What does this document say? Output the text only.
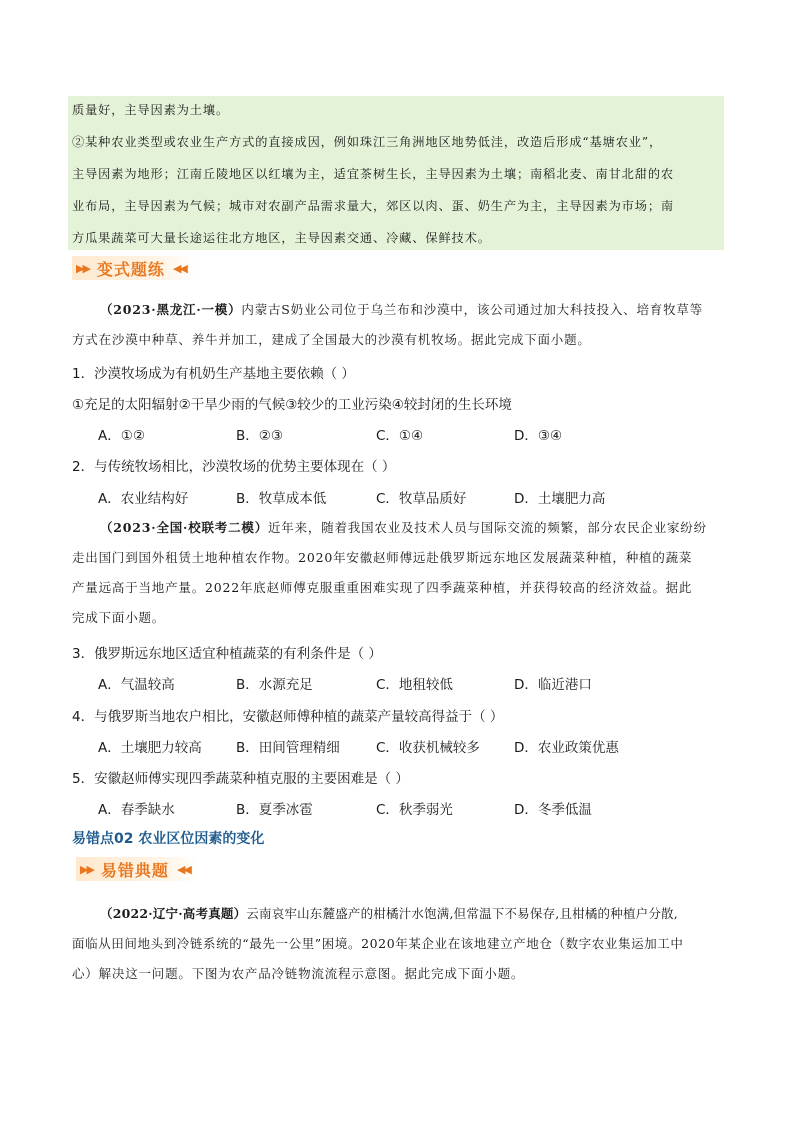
质量好，主导因素为土壤。

②某种农业类型或农业生产方式的直接成因，例如珠江三角洲地区地势低洼，改造后形成“基塘农业”，

主导因素为地形；江南丘陵地区以红壤为主，适宜茶树生长，主导因素为土壤；南稻北麦、南甘北甜的农

业布局，主导因素为气候；城市对农副产品需求量大，郊区以肉、蛋、奶生产为主，主导因素为市场；南

方瓜果蔬菜可大量长途运往北方地区，主导因素交通、冷藏、保鲜技术。

▶▶ 变式题练 ◀◀

（2023·黑龙江·一模）内蒙古S奶业公司位于乌兰布和沙漠中，该公司通过加大科技投入、培育牧草等

方式在沙漠中种草、养牛并加工，建成了全国最大的沙漠有机牧场。据此完成下面小题。

1．沙漠牧场成为有机奶生产基地主要依赖（ ）

①充足的太阳辐射②干旱少雨的气候③较少的工业污染④较封闭的生长环境

A．①②	B．②③	C．①④	D．③④

2．与传统牧场相比，沙漠牧场的优势主要体现在（ ）

A．农业结构好	B．牧草成本低	C．牧草品质好	D．土壤肥力高

（2023·全国·校联考二模）近年来，随着我国农业及技术人员与国际交流的频繁，部分农民企业家纷纷

走出国门到国外租赁土地种植农作物。2020年安徽赵师傅远赴俄罗斯远东地区发展蔬菜种植，种植的蔬菜

产量远高于当地产量。2022年底赵师傅克服重重困难实现了四季蔬菜种植，并获得较高的经济效益。据此

完成下面小题。

3．俄罗斯远东地区适宜种植蔬菜的有利条件是（ ）

A．气温较高	B．水源充足	C．地租较低	D．临近港口

4．与俄罗斯当地农户相比，安徽赵师傅种植的蔬菜产量较高得益于（ ）

A．土壤肥力较高	B．田间管理精细	C．收获机械较多	D．农业政策优惠

5．安徽赵师傅实现四季蔬菜种植克服的主要困难是（ ）

A．春季缺水	B．夏季冰雹	C．秋季弱光	D．冬季低温

易错点02 农业区位因素的变化

▶▶ 易错典题 ◀◀

（2022·辽宁·高考真题）云南哀牢山东麓盛产的柑橘汁水饱满,但常温下不易保存,且柑橘的种植户分散,

面临从田间地头到冷链系统的“最先一公里”困境。2020年某企业在该地建立产地仓（数字农业集运加工中

心）解决这一问题。下图为农产品冷链物流流程示意图。据此完成下面小题。
